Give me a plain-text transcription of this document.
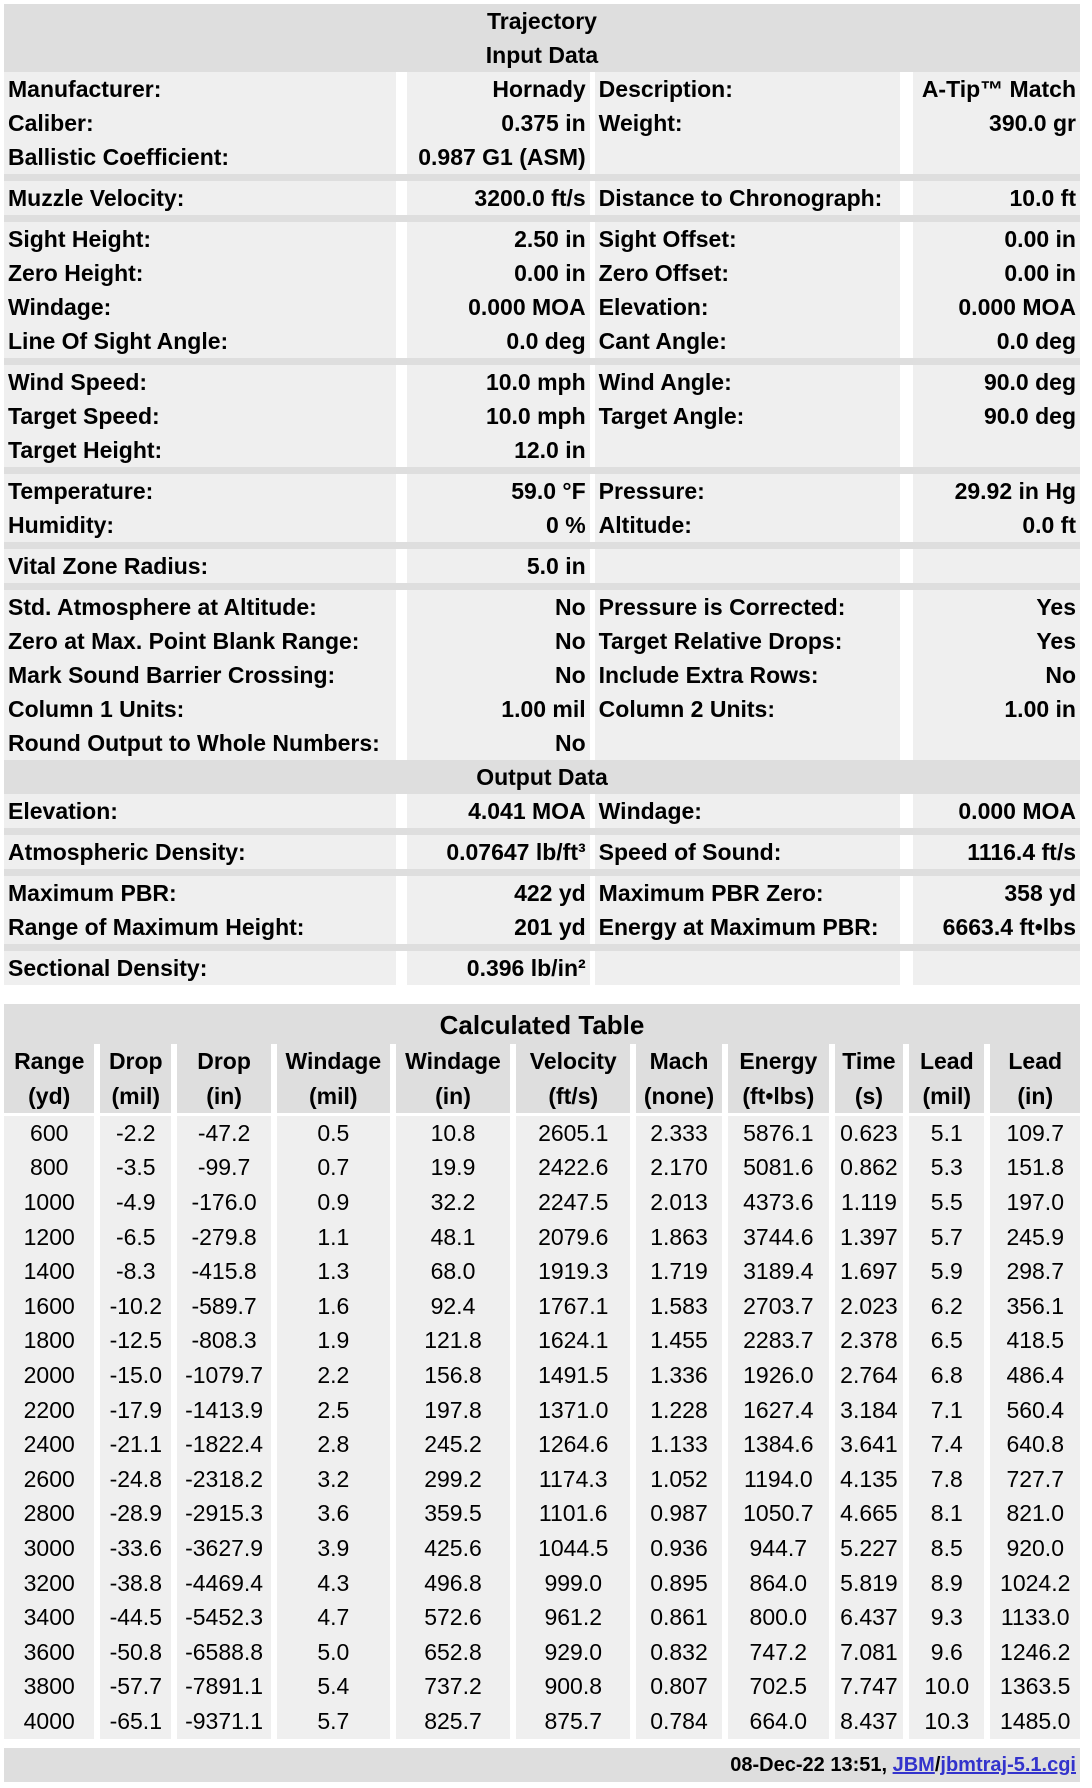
Trajectory			
Input Data			
Manufacturer:	Hornady	Description:	A-Tip™ Match
Caliber:	0.375 in	Weight:	390.0 gr
Ballistic Coefficient:	0.987 G1 (ASM)		

Muzzle Velocity:	3200.0 ft/s	Distance to Chronograph:	10.0 ft

Sight Height:	2.50 in	Sight Offset:	0.00 in
Zero Height:	0.00 in	Zero Offset:	0.00 in
Windage:	0.000 MOA	Elevation:	0.000 MOA
Line Of Sight Angle:	0.0 deg	Cant Angle:	0.0 deg

Wind Speed:	10.0 mph	Wind Angle:	90.0 deg
Target Speed:	10.0 mph	Target Angle:	90.0 deg
Target Height:	12.0 in		

Temperature:	59.0 °F	Pressure:	29.92 in Hg
Humidity:	0 %	Altitude:	0.0 ft

Vital Zone Radius:	5.0 in		

Std. Atmosphere at Altitude:	No	Pressure is Corrected:	Yes
Zero at Max. Point Blank Range:	No	Target Relative Drops:	Yes
Mark Sound Barrier Crossing:	No	Include Extra Rows:	No
Column 1 Units:	1.00 mil	Column 2 Units:	1.00 in
Round Output to Whole Numbers:	No		
Output Data			
Elevation:	4.041 MOA	Windage:	0.000 MOA

Atmospheric Density:	0.07647 lb/ft³	Speed of Sound:	1116.4 ft/s

Maximum PBR:	422 yd	Maximum PBR Zero:	358 yd
Range of Maximum Height:	201 yd	Energy at Maximum PBR:	6663.4 ft•lbs

Sectional Density:	0.396 lb/in²		

Calculated Table
Range	Drop	Drop	Windage	Windage	Velocity	Mach	Energy	Time	Lead	Lead
(yd)	(mil)	(in)	(mil)	(in)	(ft/s)	(none)	(ft•lbs)	(s)	(mil)	(in)

600	-2.2	-47.2	0.5	10.8	2605.1	2.333	5876.1	0.623	5.1	109.7
800	-3.5	-99.7	0.7	19.9	2422.6	2.170	5081.6	0.862	5.3	151.8
1000	-4.9	-176.0	0.9	32.2	2247.5	2.013	4373.6	1.119	5.5	197.0
1200	-6.5	-279.8	1.1	48.1	2079.6	1.863	3744.6	1.397	5.7	245.9
1400	-8.3	-415.8	1.3	68.0	1919.3	1.719	3189.4	1.697	5.9	298.7
1600	-10.2	-589.7	1.6	92.4	1767.1	1.583	2703.7	2.023	6.2	356.1
1800	-12.5	-808.3	1.9	121.8	1624.1	1.455	2283.7	2.378	6.5	418.5
2000	-15.0	-1079.7	2.2	156.8	1491.5	1.336	1926.0	2.764	6.8	486.4
2200	-17.9	-1413.9	2.5	197.8	1371.0	1.228	1627.4	3.184	7.1	560.4
2400	-21.1	-1822.4	2.8	245.2	1264.6	1.133	1384.6	3.641	7.4	640.8
2600	-24.8	-2318.2	3.2	299.2	1174.3	1.052	1194.0	4.135	7.8	727.7
2800	-28.9	-2915.3	3.6	359.5	1101.6	0.987	1050.7	4.665	8.1	821.0
3000	-33.6	-3627.9	3.9	425.6	1044.5	0.936	944.7	5.227	8.5	920.0
3200	-38.8	-4469.4	4.3	496.8	999.0	0.895	864.0	5.819	8.9	1024.2
3400	-44.5	-5452.3	4.7	572.6	961.2	0.861	800.0	6.437	9.3	1133.0
3600	-50.8	-6588.8	5.0	652.8	929.0	0.832	747.2	7.081	9.6	1246.2
3800	-57.7	-7891.1	5.4	737.2	900.8	0.807	702.5	7.747	10.0	1363.5
4000	-65.1	-9371.1	5.7	825.7	875.7	0.784	664.0	8.437	10.3	1485.0
08-Dec-22 13:51, JBM/jbmtraj-5.1.cgi
